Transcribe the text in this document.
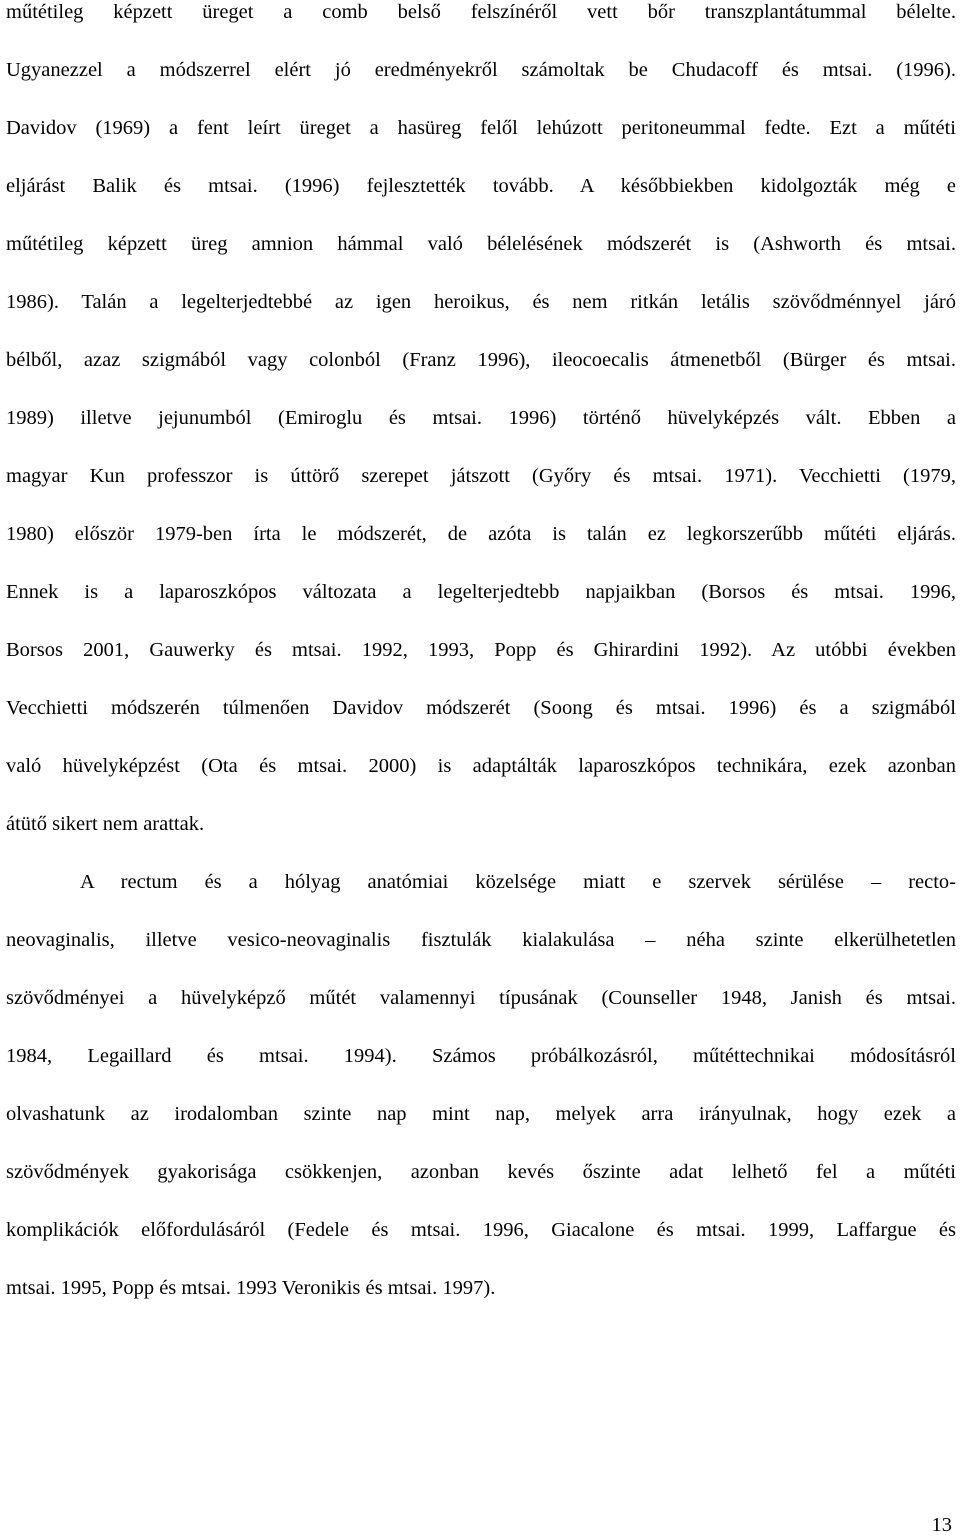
műtétileg képzett üreget a comb belső felszínéről vett bőr transzplantátummal bélelte.
Ugyanezzel a módszerrel elért jó eredményekről számoltak be Chudacoff és mtsai. (1996).
Davidov (1969) a fent leírt üreget a hasüreg felől lehúzott peritoneummal fedte. Ezt a műtéti
eljárást Balik és mtsai. (1996) fejlesztették tovább. A későbbiekben kidolgozták még e
műtétileg képzett üreg amnion hámmal való bélelésének módszerét is (Ashworth és mtsai.
1986). Talán a legelterjedtebbé az igen heroikus, és nem ritkán letális szövődménnyel járó
bélből, azaz szigmából vagy colonból (Franz 1996), ileocoecalis átmenetből (Bürger és mtsai.
1989) illetve jejunumból (Emiroglu és mtsai. 1996) történő hüvelyképzés vált. Ebben a
magyar Kun professzor is úttörő szerepet játszott (Győry és mtsai. 1971). Vecchietti (1979,
1980) először 1979-ben írta le módszerét, de azóta is talán ez legkorszerűbb műtéti eljárás.
Ennek is a laparoszkópos változata a legelterjedtebb napjaikban (Borsos és mtsai. 1996,
Borsos 2001, Gauwerky és mtsai. 1992, 1993, Popp és Ghirardini 1992). Az utóbbi években
Vecchietti módszerén túlmenően Davidov módszerét (Soong és mtsai. 1996) és a szigmából
való hüvelyképzést (Ota és mtsai. 2000) is adaptálták laparoszkópos technikára, ezek azonban
átütő sikert nem arattak.
A rectum és a hólyag anatómiai közelsége miatt e szervek sérülése – recto-
neovaginalis, illetve vesico-neovaginalis fisztulák kialakulása – néha szinte elkerülhetetlen
szövődményei a hüvelyképző műtét valamennyi típusának (Counseller 1948, Janish és mtsai.
1984, Legaillard és mtsai. 1994). Számos próbálkozásról, műtéttechnikai módosításról
olvashatunk az irodalomban szinte nap mint nap, melyek arra irányulnak, hogy ezek a
szövődmények gyakorisága csökkenjen, azonban kevés őszinte adat lelhető fel a műtéti
komplikációk előfordulásáról (Fedele és mtsai. 1996, Giacalone és mtsai. 1999, Laffargue és
mtsai. 1995, Popp és mtsai. 1993 Veronikis és mtsai. 1997).
13
